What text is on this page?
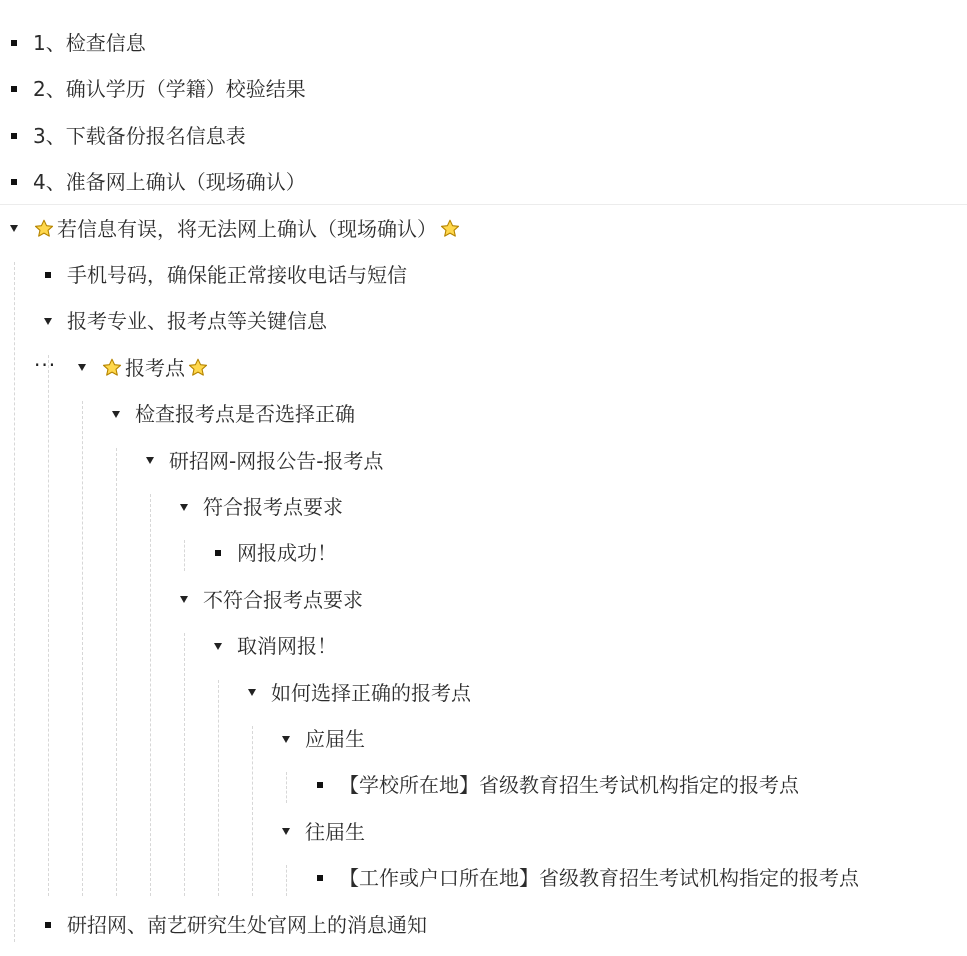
···
1、检查信息
2、确认学历（学籍）校验结果
3、下载备份报名信息表
4、准备网上确认（现场确认）
若信息有误，将无法网上确认（现场确认）
手机号码，确保能正常接收电话与短信
报考专业、报考点等关键信息
报考点
检查报考点是否选择正确
研招网-网报公告-报考点
符合报考点要求
网报成功！
不符合报考点要求
取消网报！
如何选择正确的报考点
应届生
【学校所在地】省级教育招生考试机构指定的报考点
往届生
【工作或户口所在地】省级教育招生考试机构指定的报考点
研招网、南艺研究生处官网上的消息通知
